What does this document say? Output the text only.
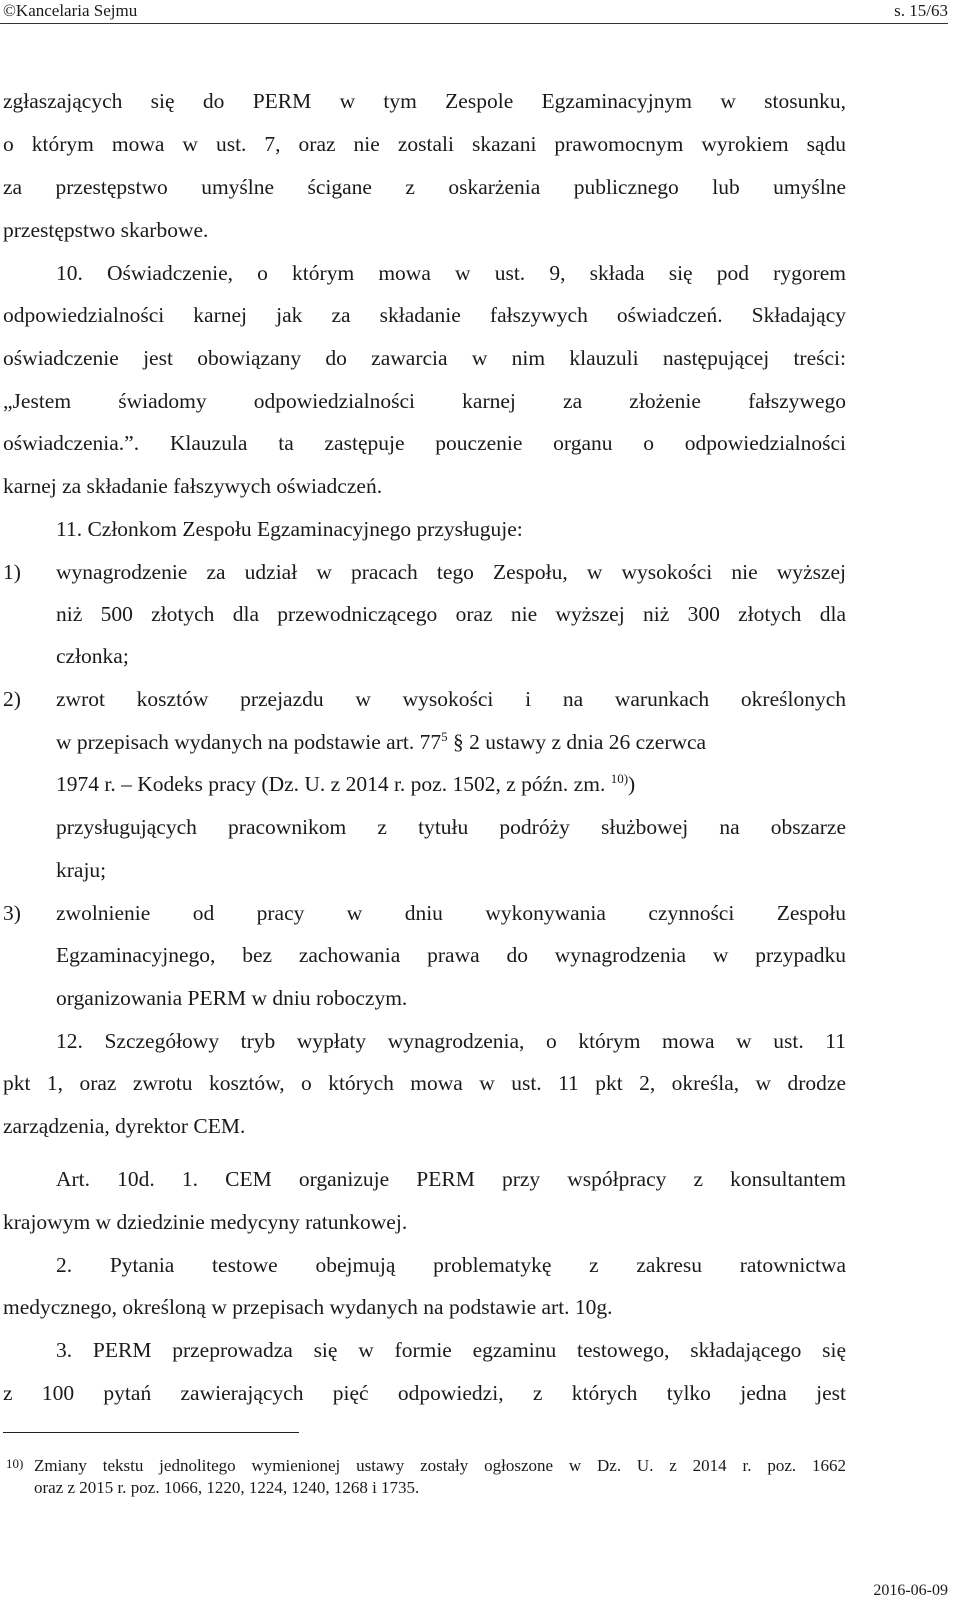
©Kancelaria Sejmu	s. 15/63
zgłaszających się do PERM w tym Zespole Egzaminacyjnym w stosunku,
o którym mowa w ust. 7, oraz nie zostali skazani prawomocnym wyrokiem sądu
za przestępstwo umyślne ścigane z oskarżenia publicznego lub umyślne
przestępstwo skarbowe.
10. Oświadczenie, o którym mowa w ust. 9, składa się pod rygorem
odpowiedzialności karnej jak za składanie fałszywych oświadczeń. Składający
oświadczenie jest obowiązany do zawarcia w nim klauzuli następującej treści:
„Jestem świadomy odpowiedzialności karnej za złożenie fałszywego
oświadczenia.”. Klauzula ta zastępuje pouczenie organu o odpowiedzialności
karnej za składanie fałszywych oświadczeń.
11. Członkom Zespołu Egzaminacyjnego przysługuje:
1) wynagrodzenie za udział w pracach tego Zespołu, w wysokości nie wyższej
niż 500 złotych dla przewodniczącego oraz nie wyższej niż 300 złotych dla
członka;
2) zwrot kosztów przejazdu w wysokości i na warunkach określonych
w przepisach wydanych na podstawie art. $77^5$ § 2 ustawy z dnia 26 czerwca
1974 r. – Kodeks pracy (Dz. U. z 2014 r. poz. 1502, z późn. zm. $^{10)}$)
przysługujących pracownikom z tytułu podróży służbowej na obszarze
kraju;
3) zwolnienie od pracy w dniu wykonywania czynności Zespołu
Egzaminacyjnego, bez zachowania prawa do wynagrodzenia w przypadku
organizowania PERM w dniu roboczym.
12. Szczegółowy tryb wypłaty wynagrodzenia, o którym mowa w ust. 11
pkt 1, oraz zwrotu kosztów, o których mowa w ust. 11 pkt 2, określa, w drodze
zarządzenia, dyrektor CEM.
Art. 10d. 1. CEM organizuje PERM przy współpracy z konsultantem
krajowym w dziedzinie medycyny ratunkowej.
2. Pytania testowe obejmują problematykę z zakresu ratownictwa
medycznego, określoną w przepisach wydanych na podstawie art. 10g.
3. PERM przeprowadza się w formie egzaminu testowego, składającego się
z 100 pytań zawierających pięć odpowiedzi, z których tylko jedna jest
10) Zmiany tekstu jednolitego wymienionej ustawy zostały ogłoszone w Dz. U. z 2014 r. poz. 1662
oraz z 2015 r. poz. 1066, 1220, 1224, 1240, 1268 i 1735.
2016-06-09
